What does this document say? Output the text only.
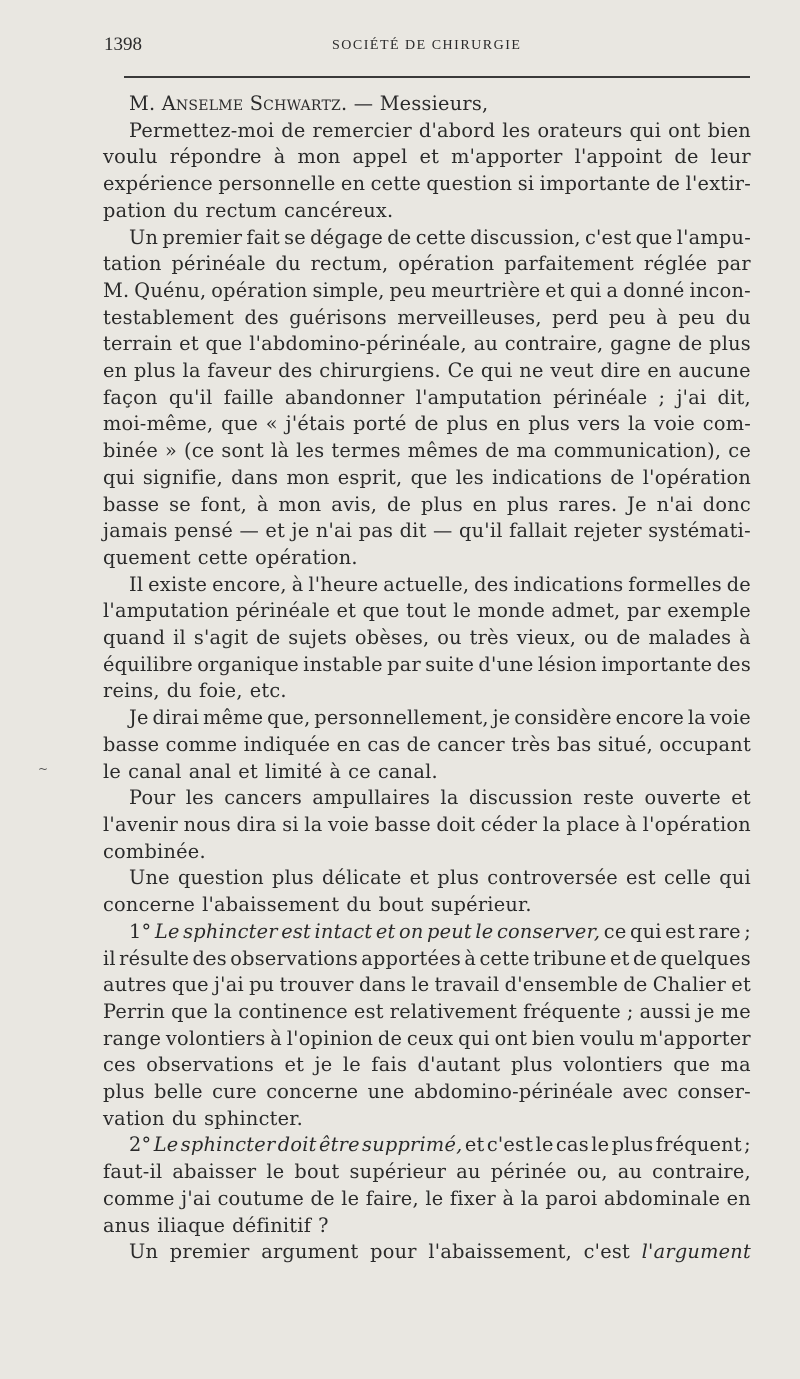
1398	SOCIÉTÉ DE CHIRURGIE
~
M. Anselme Schwartz.
— Messieurs,
Permettez-moi de remercier d'abord les orateurs qui ont bien
voulu répondre à mon appel et m'apporter l'appoint de leur
expérience personnelle en cette question si importante de l'extir-
pation du rectum cancéreux.
Un premier fait se dégage de cette discussion, c'est que l'ampu-
tation périnéale du rectum, opération parfaitement réglée par
M. Quénu, opération simple, peu meurtrière et qui a donné incon-
testablement des guérisons merveilleuses, perd peu à peu du
terrain et que l'abdomino-périnéale, au contraire, gagne de plus
en plus la faveur des chirurgiens. Ce qui ne veut dire en aucune
façon qu'il faille abandonner l'amputation périnéale ; j'ai dit,
moi-même, que « j'étais porté de plus en plus vers la voie com-
binée » (ce sont là les termes mêmes de ma communication), ce
qui signifie, dans mon esprit, que les indications de l'opération
basse se font, à mon avis, de plus en plus rares. Je n'ai donc
jamais pensé — et je n'ai pas dit — qu'il fallait rejeter systémati-
quement cette opération.
Il existe encore, à l'heure actuelle, des indications formelles de
l'amputation périnéale et que tout le monde admet, par exemple
quand il s'agit de sujets obèses, ou très vieux, ou de malades à
équilibre organique instable par suite d'une lésion importante des
reins, du foie, etc.
Je dirai même que, personnellement, je considère encore la voie
basse comme indiquée en cas de cancer très bas situé, occupant
le canal anal et limité à ce canal.
Pour les cancers ampullaires la discussion reste ouverte et
l'avenir nous dira si la voie basse doit céder la place à l'opération
combinée.
Une question plus délicate et plus controversée est celle qui
concerne l'abaissement du bout supérieur.
1° Le sphincter est intact et on peut le conserver, ce qui est rare ;
il résulte des observations apportées à cette tribune et de quelques
autres que j'ai pu trouver dans le travail d'ensemble de Chalier et
Perrin que la continence est relativement fréquente ; aussi je me
range volontiers à l'opinion de ceux qui ont bien voulu m'apporter
ces observations et je le fais d'autant plus volontiers que ma
plus belle cure concerne une abdomino-périnéale avec conser-
vation du sphincter.
2° Le sphincter doit être supprimé, et c'est le cas le plus fréquent ;
faut-il abaisser le bout supérieur au périnée ou, au contraire,
comme j'ai coutume de le faire, le fixer à la paroi abdominale en
anus iliaque définitif ?
Un premier argument pour l'abaissement, c'est l'argument
